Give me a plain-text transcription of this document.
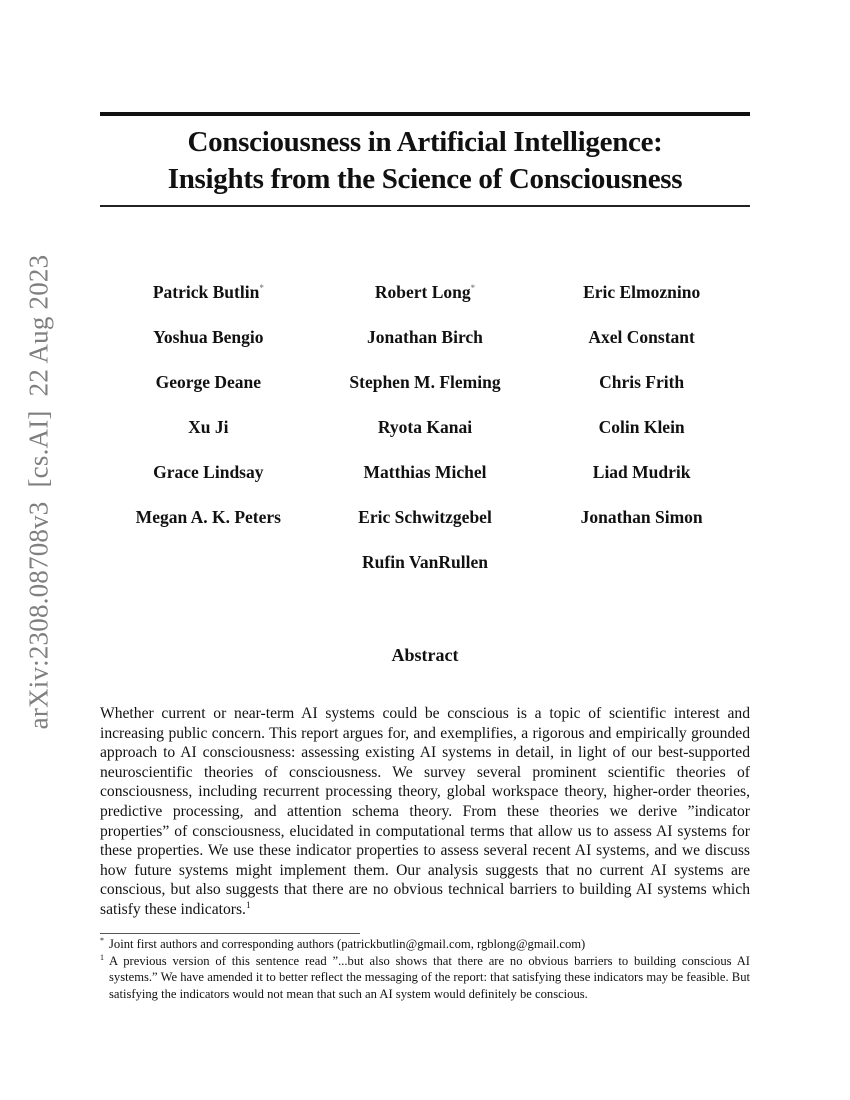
arXiv:2308.08708v3[cs.AI]22 Aug 2023
Consciousness in Artificial Intelligence:
Insights from the Science of Consciousness
Patrick Butlin*	Robert Long*	Eric Elmoznino
Yoshua Bengio	Jonathan Birch	Axel Constant
George Deane	Stephen M. Fleming	Chris Frith
Xu Ji	Ryota Kanai	Colin Klein
Grace Lindsay	Matthias Michel	Liad Mudrik
Megan A. K. Peters	Eric Schwitzgebel	Jonathan Simon
Rufin VanRullen
Abstract

Whether current or near-term AI systems could be conscious is a topic of scientific interest and increasing public concern. This report argues for, and exemplifies, a rigorous and empirically grounded approach to AI consciousness: assessing existing AI systems in detail, in light of our best-supported neuroscientific theories of consciousness. We survey several prominent scientific theories of consciousness, including recurrent processing theory, global workspace theory, higher-order theories, predictive processing, and attention schema theory. From these theories we derive ”indicator properties” of consciousness, elucidated in computational terms that allow us to assess AI systems for these properties. We use these indicator properties to assess several recent AI systems, and we discuss how future systems might implement them. Our analysis suggests that no current AI systems are conscious, but also suggests that there are no obvious technical barriers to building AI systems which satisfy these indicators.$^1$

* Joint first authors and corresponding authors (patrickbutlin@gmail.com, rgblong@gmail.com)
1 A previous version of this sentence read ”...but also shows that there are no obvious barriers to building conscious AI systems.” We have amended it to better reflect the messaging of the report: that satisfying these indicators may be feasible. But satisfying the indicators would not mean that such an AI system would definitely be conscious.
